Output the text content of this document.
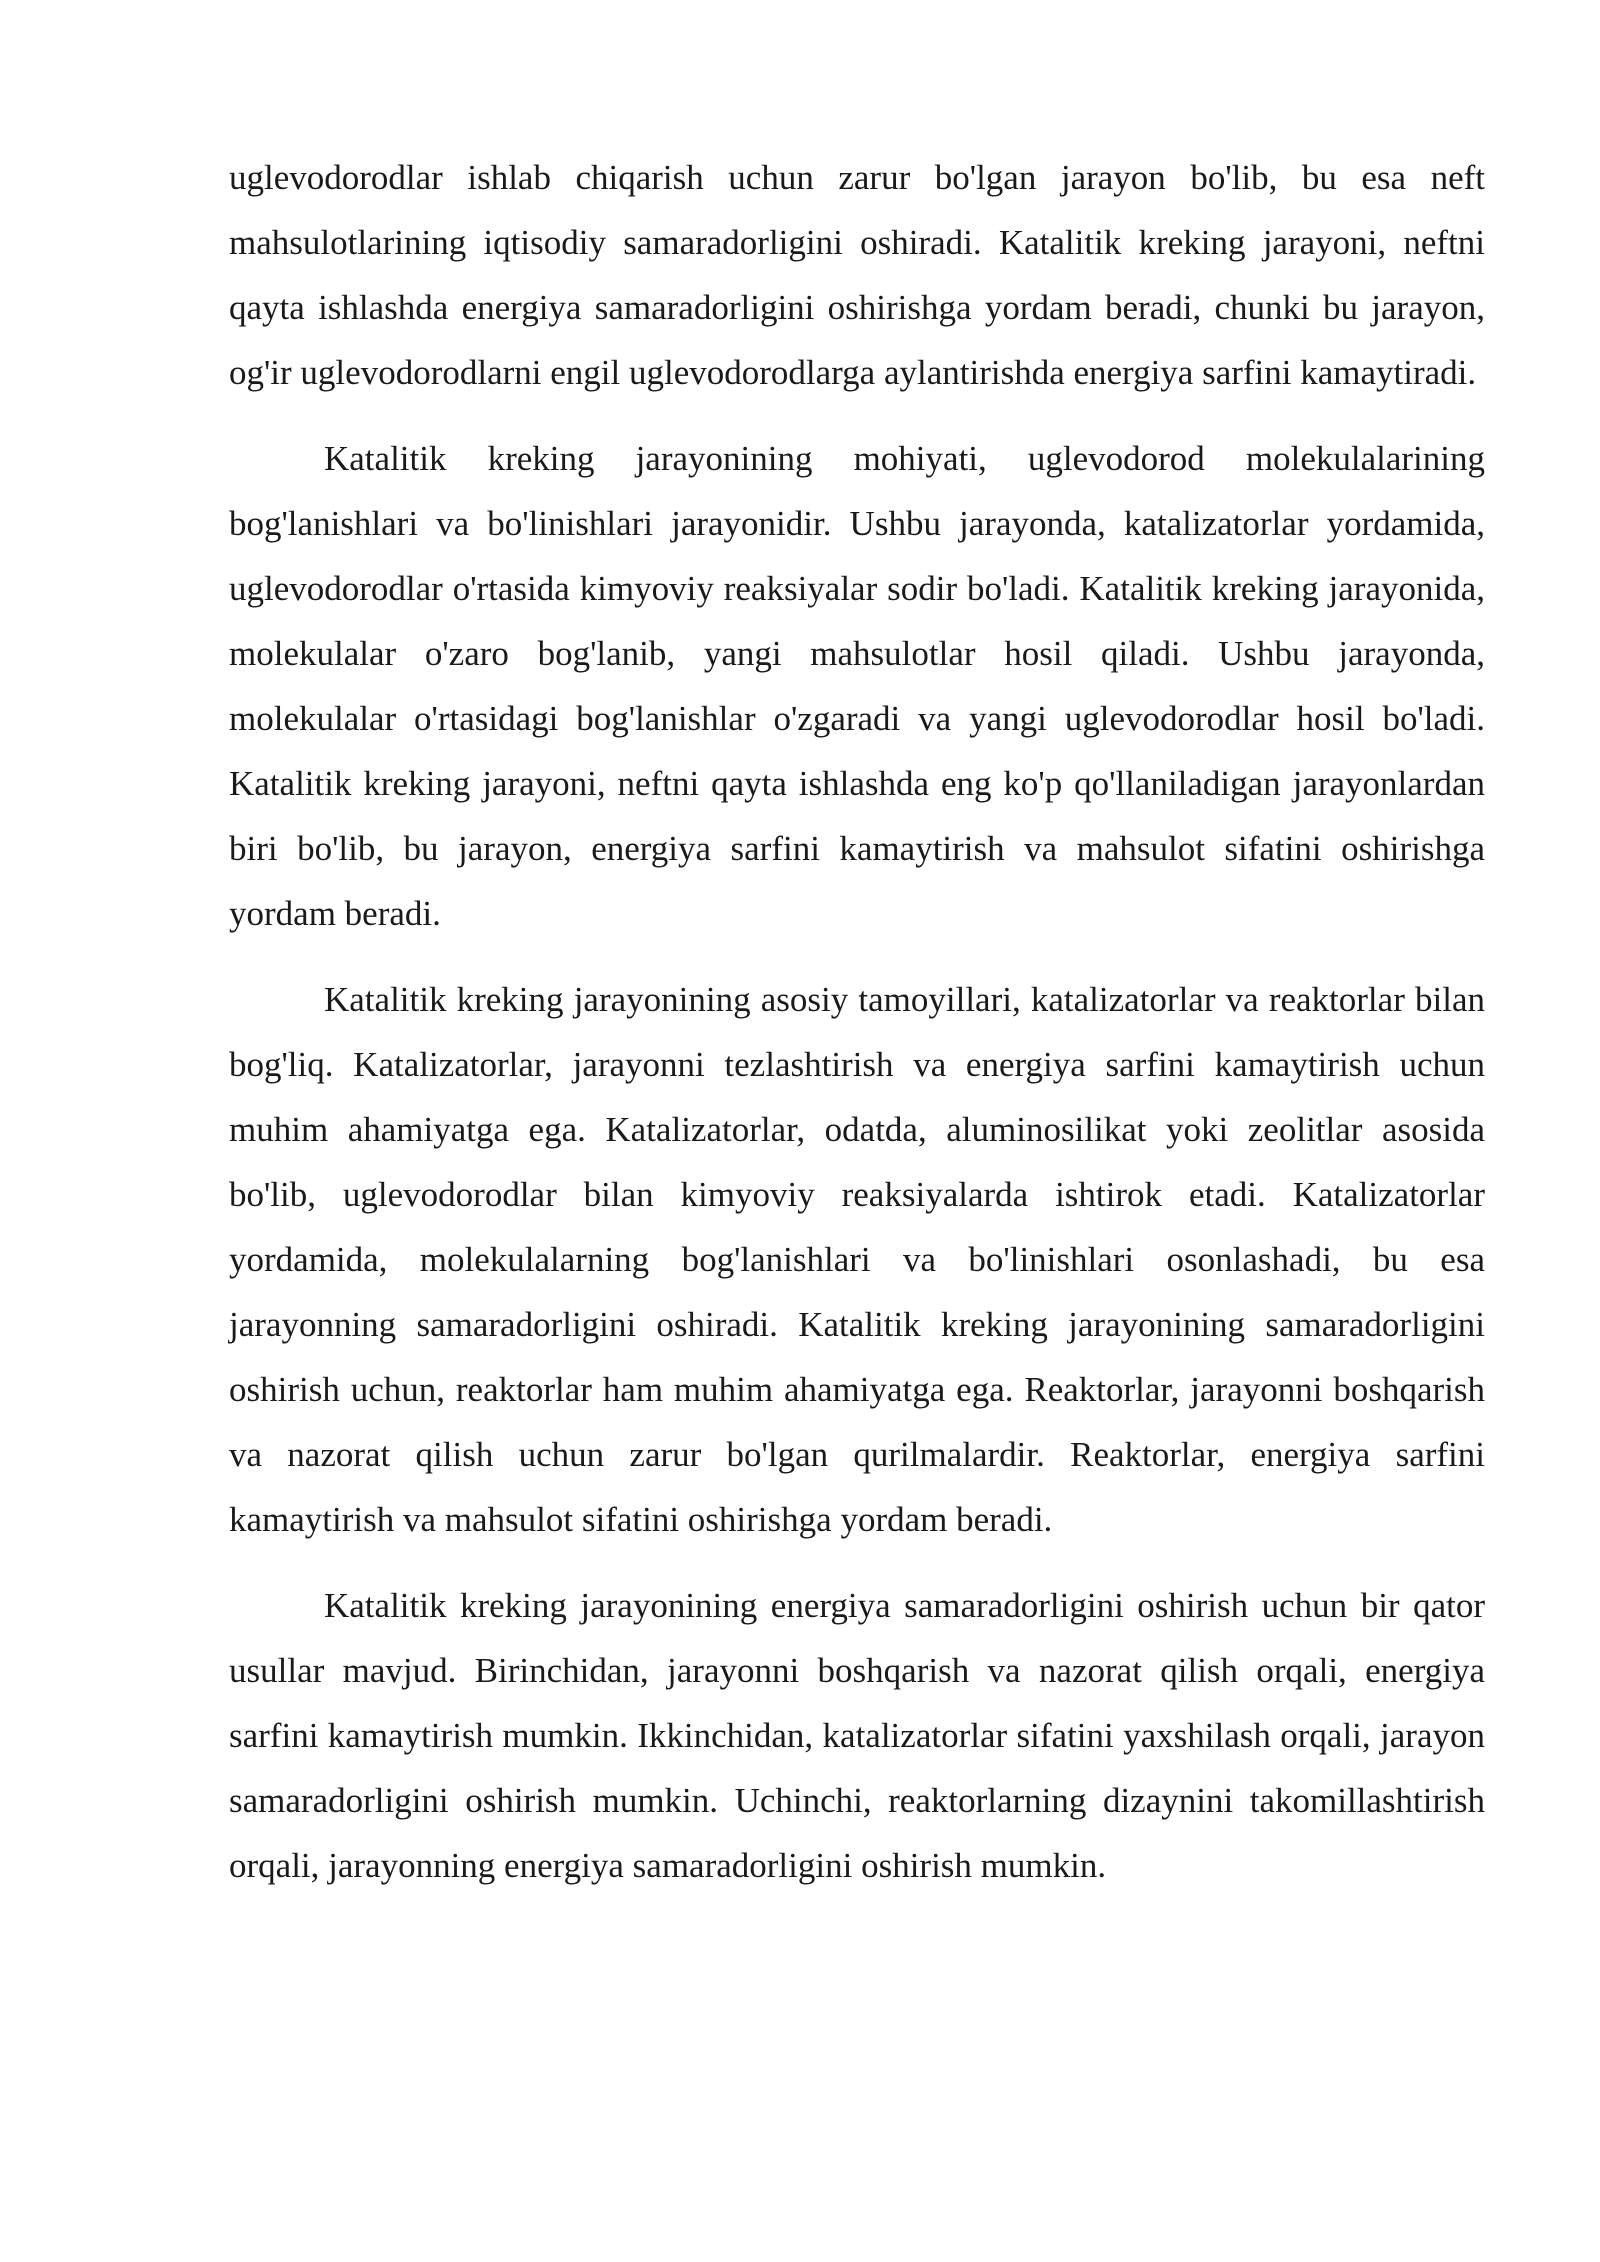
uglevodorodlar ishlab chiqarish uchun zarur bo'lgan jarayon bo'lib, bu esa neft mahsulotlarining iqtisodiy samaradorligini oshiradi. Katalitik kreking jarayoni, neftni qayta ishlashda energiya samaradorligini oshirishga yordam beradi, chunki bu jarayon, og'ir uglevodorodlarni engil uglevodorodlarga aylantirishda energiya sarfini kamaytiradi.

Katalitik kreking jarayonining mohiyati, uglevodorod molekulalarining bog'lanishlari va bo'linishlari jarayonidir. Ushbu jarayonda, katalizatorlar yordamida, uglevodorodlar o'rtasida kimyoviy reaksiyalar sodir bo'ladi. Katalitik kreking jarayonida, molekulalar o'zaro bog'lanib, yangi mahsulotlar hosil qiladi. Ushbu jarayonda, molekulalar o'rtasidagi bog'lanishlar o'zgaradi va yangi uglevodorodlar hosil bo'ladi. Katalitik kreking jarayoni, neftni qayta ishlashda eng ko'p qo'llaniladigan jarayonlardan biri bo'lib, bu jarayon, energiya sarfini kamaytirish va mahsulot sifatini oshirishga yordam beradi.

Katalitik kreking jarayonining asosiy tamoyillari, katalizatorlar va reaktorlar bilan bog'liq. Katalizatorlar, jarayonni tezlashtirish va energiya sarfini kamaytirish uchun muhim ahamiyatga ega. Katalizatorlar, odatda, aluminosilikat yoki zeolitlar asosida bo'lib, uglevodorodlar bilan kimyoviy reaksiyalarda ishtirok etadi. Katalizatorlar yordamida, molekulalarning bog'lanishlari va bo'linishlari osonlashadi, bu esa jarayonning samaradorligini oshiradi. Katalitik kreking jarayonining samaradorligini oshirish uchun, reaktorlar ham muhim ahamiyatga ega. Reaktorlar, jarayonni boshqarish va nazorat qilish uchun zarur bo'lgan qurilmalardir. Reaktorlar, energiya sarfini kamaytirish va mahsulot sifatini oshirishga yordam beradi.

Katalitik kreking jarayonining energiya samaradorligini oshirish uchun bir qator usullar mavjud. Birinchidan, jarayonni boshqarish va nazorat qilish orqali, energiya sarfini kamaytirish mumkin. Ikkinchidan, katalizatorlar sifatini yaxshilash orqali, jarayon samaradorligini oshirish mumkin. Uchinchi, reaktorlarning dizaynini takomillashtirish orqali, jarayonning energiya samaradorligini oshirish mumkin.
